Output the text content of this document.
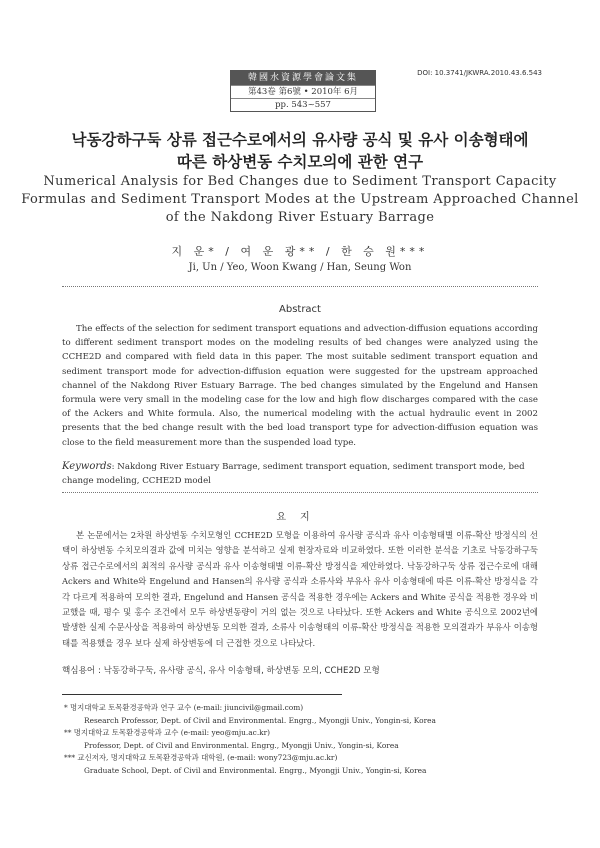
韓國水資源學會論文集
第43卷 第6號 • 2010年 6月
pp. 543~557
DOI: 10.3741/JKWRA.2010.43.6.543
낙동강하구둑 상류 접근수로에서의 유사량 공식 및 유사 이송형태에
따른 하상변동 수치모의에 관한 연구
Numerical Analysis for Bed Changes due to Sediment Transport Capacity
Formulas and Sediment Transport Modes at the Upstream Approached Channel
of the Nakdong River Estuary Barrage
지 운* / 여 운 광** / 한 승 원***
Ji, Un / Yeo, Woon Kwang / Han, Seung Won
Abstract
The effects of the selection for sediment transport equations and advection-diffusion equations according to different sediment transport modes on the modeling results of bed changes were analyzed using the CCHE2D and compared with field data in this paper. The most suitable sediment transport equation and sediment transport mode for advection-diffusion equation were suggested for the upstream approached channel of the Nakdong River Estuary Barrage. The bed changes simulated by the Engelund and Hansen formula were very small in the modeling case for the low and high flow discharges compared with the case of the Ackers and White formula. Also, the numerical modeling with the actual hydraulic event in 2002 presents that the bed change result with the bed load transport type for advection-diffusion equation was close to the field measurement more than the suspended load type.
Keywords: Nakdong River Estuary Barrage, sediment transport equation, sediment transport mode, bed change modeling, CCHE2D model
요지
본 논문에서는 2차원 하상변동 수치모형인 CCHE2D 모형을 이용하여 유사량 공식과 유사 이송형태별 이류-확산 방정식의 선택이 하상변동 수치모의결과 값에 미치는 영향을 분석하고 실제 현장자료와 비교하였다. 또한 이러한 분석을 기초로 낙동강하구둑 상류 접근수로에서의 최적의 유사량 공식과 유사 이송형태별 이류-확산 방정식을 제안하였다. 낙동강하구둑 상류 접근수로에 대해 Ackers and White와 Engelund and Hansen의 유사량 공식과 소류사와 부유사 유사 이송형태에 따른 이류-확산 방정식을 각각 다르게 적용하여 모의한 결과, Engelund and Hansen 공식을 적용한 경우에는 Ackers and White 공식을 적용한 경우와 비교했을 때, 평수 및 홍수 조건에서 모두 하상변동량이 거의 없는 것으로 나타났다. 또한 Ackers and White 공식으로 2002년에 발생한 실제 수문사상을 적용하여 하상변동 모의한 결과, 소류사 이송형태의 이류-확산 방정식을 적용한 모의결과가 부유사 이송형태를 적용했을 경우 보다 실제 하상변동에 더 근접한 것으로 나타났다.
핵심용어 : 낙동강하구둑, 유사량 공식, 유사 이송형태, 하상변동 모의, CCHE2D 모형
* 명지대학교 토목환경공학과 연구 교수 (e-mail: jiuncivil@gmail.com)
Research Professor, Dept. of Civil and Environmental. Engrg., Myongji Univ., Yongin-si, Korea
** 명지대학교 토목환경공학과 교수 (e-mail: yeo@mju.ac.kr)
Professor, Dept. of Civil and Environmental. Engrg., Myongji Univ., Yongin-si, Korea
*** 교신저자, 명지대학교 토목환경공학과 대학원, (e-mail: wony723@mju.ac.kr)
Graduate School, Dept. of Civil and Environmental. Engrg., Myongji Univ., Yongin-si, Korea
